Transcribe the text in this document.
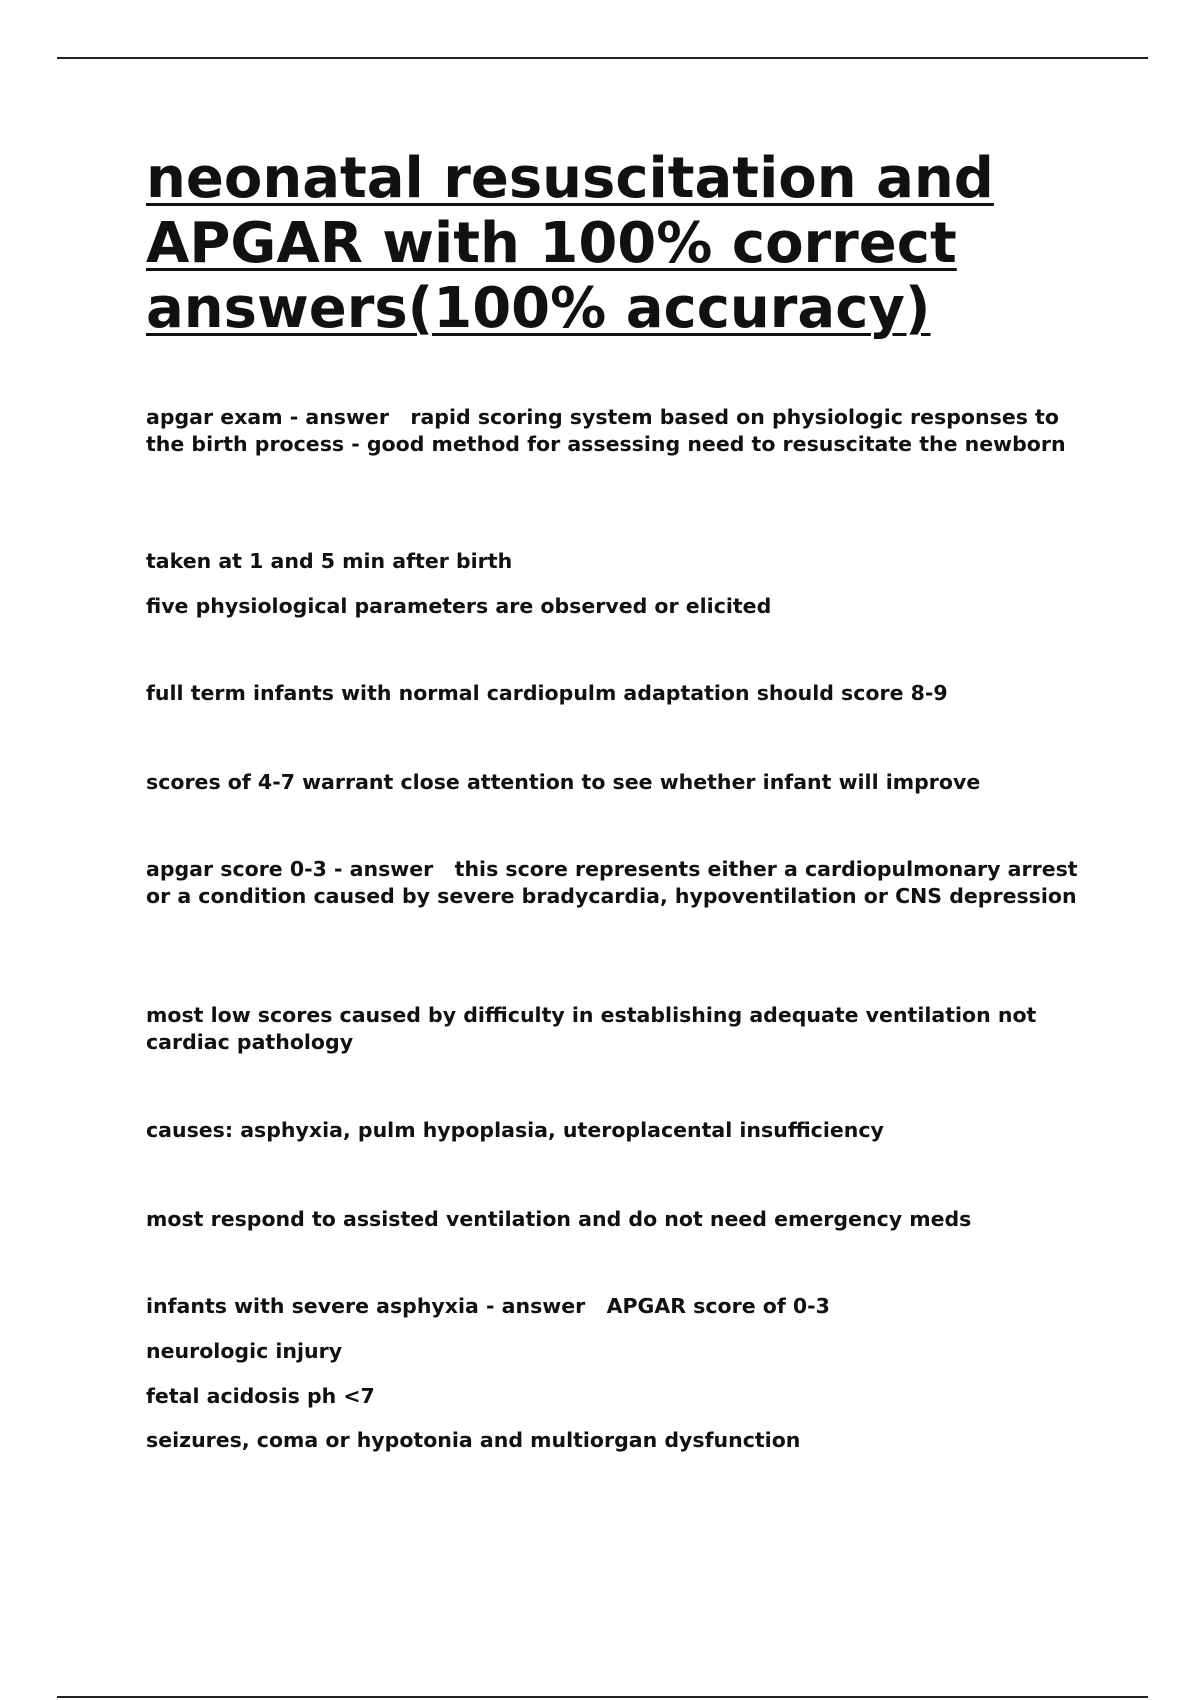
neonatal resuscitation and APGAR with 100% correct answers(100% accuracy)

apgar exam - answer   rapid scoring system based on physiologic responses to the birth process - good method for assessing need to resuscitate the newborn

taken at 1 and 5 min after birth

five physiological parameters are observed or elicited

full term infants with normal cardiopulm adaptation should score 8-9

scores of 4-7 warrant close attention to see whether infant will improve

apgar score 0-3 - answer   this score represents either a cardiopulmonary arrest or a condition caused by severe bradycardia, hypoventilation or CNS depression

most low scores caused by difficulty in establishing adequate ventilation not cardiac pathology

causes: asphyxia, pulm hypoplasia, uteroplacental insufficiency

most respond to assisted ventilation and do not need emergency meds

infants with severe asphyxia - answer   APGAR score of 0-3

neurologic injury

fetal acidosis ph <7

seizures, coma or hypotonia and multiorgan dysfunction
